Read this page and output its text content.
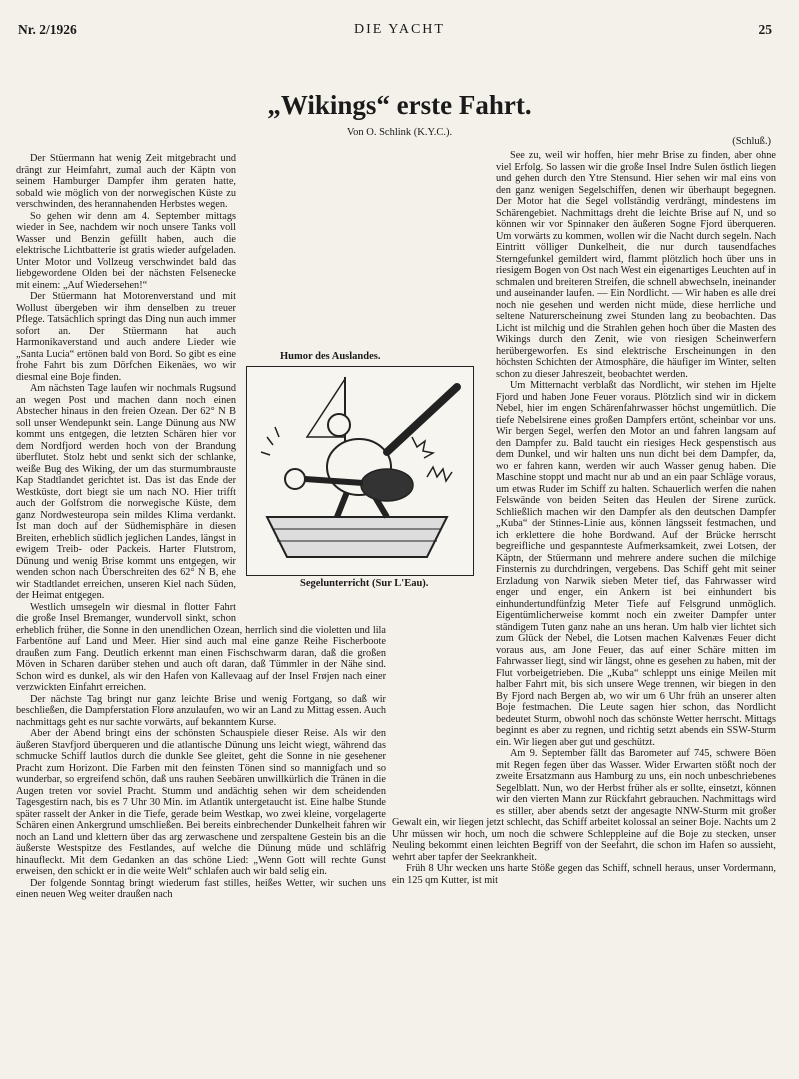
Nr. 2/1926	DIE YACHT	25
„Wikings“ erste Fahrt.
Von O. Schlink (K.Y.C.).
(Schluß.)

Der Stüermann hat wenig Zeit mitgebracht und drängt zur Heimfahrt, zumal auch der Käptn von seinem Hamburger Dampfer ihm geraten hatte, sobald wie möglich von der norwegischen Küste zu verschwinden, des herannahenden Herbstes wegen.

So gehen wir denn am 4. September mittags wieder in See, nachdem wir noch unsere Tanks voll Wasser und Benzin gefüllt haben, auch die elektrische Lichtbatterie ist gratis wieder aufgeladen. Unter Motor und Vollzeug verschwindet bald das liebgewordene Olden bei der nächsten Felsenecke mit einem: „Auf Wiedersehen!“

Der Stüermann hat Motorenverstand und mit Wollust übergeben wir ihm denselben zu treuer Pflege. Tatsächlich springt das Ding nun auch immer sofort an. Der Stüermann hat auch Harmonikaverstand und auch andere Lieder wie „Santa Lucia“ ertönen bald von Bord. So gibt es eine frohe Fahrt bis zum Dörfchen Eikenäes, wo wir diesmal eine Boje finden.

Am nächsten Tage laufen wir nochmals Rugsund an wegen Post und machen dann noch einen Abstecher hinaus in den freien Ozean. Der 62° N B soll unser Wendepunkt sein. Lange Dünung aus NW kommt uns entgegen, die letzten Schären hier vor dem Nordfjord werden hoch von der Brandung überflutet. Stolz hebt und senkt sich der schlanke, weiße Bug des Wiking, der um das sturmumbrauste Kap Stadtlandet gerichtet ist. Das ist das Ende der Westküste, dort biegt sie um nach NO. Hier trifft auch der Golfstrom die norwegische Küste, dem ganz Nordwesteuropa sein mildes Klima verdankt. Ist man doch auf der Südhemisphäre in diesen Breiten, erheblich südlich jeglichen Landes, längst in ewigem Treib- oder Packeis. Harter Flutstrom, Dünung und wenig Brise kommt uns entgegen, wir wenden schon nach Überschreiten des 62° N B, ehe wir Stadtlandet erreichen, unseren Kiel nach Süden, der Heimat entgegen.

Westlich umsegeln wir diesmal in flotter Fahrt die große Insel Bremanger, wundervoll sinkt, schon erheblich früher, die Sonne in den unendlichen Ozean, herrlich sind die violetten und lila Farbentöne auf Land und Meer. Hier sind auch mal eine ganze Reihe Fischerboote draußen zum Fang. Deutlich erkennt man einen Fischschwarm daran, daß die großen Möven in Scharen darüber stehen und auch oft daran, daß Tümmler in der Nähe sind. Schon wird es dunkel, als wir den Hafen von Kallevaag auf der Insel Frøjen nach einer verzwickten Einfahrt erreichen.

Der nächste Tag bringt nur ganz leichte Brise und wenig Fortgang, so daß wir beschließen, die Dampferstation Florø anzulaufen, wo wir an Land zu Mittag essen. Auch nachmittags geht es nur sachte vorwärts, auf bekanntem Kurse.

Aber der Abend bringt eins der schönsten Schauspiele dieser Reise. Als wir den äußeren Stavfjord überqueren und die atlantische Dünung uns leicht wiegt, während das schmucke Schiff lautlos durch die dunkle See gleitet, geht die Sonne in nie gesehener Pracht zum Horizont. Die Farben mit den feinsten Tönen sind so mannigfach und so wunderbar, so ergreifend schön, daß uns rauhen Seebären unwillkürlich die Tränen in die Augen treten vor soviel Pracht. Stumm und andächtig sehen wir dem scheidenden Tagesgestirn nach, bis es 7 Uhr 30 Min. im Atlantik untergetaucht ist. Eine halbe Stunde später rasselt der Anker in die Tiefe, gerade beim Westkap, wo zwei kleine, vorgelagerte Schären einen Ankergrund umschließen. Bei bereits einbrechender Dunkelheit fahren wir noch an Land und klettern über das arg zerwaschene und zerspaltene Gestein bis an die äußerste Westspitze des Festlandes, auf welche die Dünung müde und schläfrig hinaufleckt. Mit dem Gedanken an das schöne Lied: „Wenn Gott will rechte Gunst erweisen, den schickt er in die weite Welt“ schlafen auch wir bald selig ein.

Der folgende Sonntag bringt wiederum fast stilles, heißes Wetter, wir suchen uns einen neuen Weg weiter draußen nach

See zu, weil wir hoffen, hier mehr Brise zu finden, aber ohne viel Erfolg. So lassen wir die große Insel Indre Sulen östlich liegen und gehen durch den Ytre Stensund. Hier sehen wir mal eins von den ganz wenigen Segelschiffen, denen wir überhaupt begegnen. Der Motor hat die Segel vollständig verdrängt, mindestens im Schärengebiet. Nachmittags dreht die leichte Brise auf N, und so können wir vor Spinnaker den äußeren Sogne Fjord überqueren. Um vorwärts zu kommen, wollen wir die Nacht durch segeln. Nach Eintritt völliger Dunkelheit, die nur durch tausendfaches Sterngefunkel gemildert wird, flammt plötzlich hoch über uns in riesigem Bogen von Ost nach West ein eigenartiges Leuchten auf in schmalen und breiteren Streifen, die schnell abwechseln, ineinander und auseinander laufen. — Ein Nordlicht. — Wir haben es alle drei noch nie gesehen und werden nicht müde, diese herrliche und seltene Naturerscheinung zwei Stunden lang zu beobachten. Das Licht ist milchig und die Strahlen gehen hoch über die Masten des Wikings durch den Zenit, wie von riesigen Scheinwerfern herübergeworfen. Es sind elektrische Erscheinungen in den höchsten Schichten der Atmosphäre, die häufiger im Winter, selten schon zu dieser Jahreszeit, beobachtet werden.

Um Mitternacht verblaßt das Nordlicht, wir stehen im Hjelte Fjord und haben Jone Feuer voraus. Plötzlich sind wir in dickem Nebel, hier im engen Schärenfahrwasser höchst ungemütlich. Die tiefe Nebelsirene eines großen Dampfers ertönt, scheinbar vor uns. Wir bergen Segel, werfen den Motor an und fahren langsam auf den Dampfer zu. Bald taucht ein riesiges Heck gespenstisch aus dem Dunkel, und wir halten uns nun dicht bei dem Dampfer, da, wo er fahren kann, werden wir auch Wasser genug haben. Die Maschine stoppt und macht nur ab und an ein paar Schläge voraus, um etwas Ruder im Schiff zu halten. Schauerlich werfen die nahen Felswände von beiden Seiten das Heulen der Sirene zurück. Schließlich machen wir den Dampfer als den deutschen Dampfer „Kuba“ der Stinnes-Linie aus, können längsseit festmachen, und ich erklettere die hohe Bordwand. Auf der Brücke herrscht begreifliche und gespannteste Aufmerksamkeit, zwei Lotsen, der Käptn, der Stüermann und mehrere andere suchen die milchige Finsternis zu durchdringen, vergebens. Das Schiff geht mit seiner Erzladung von Narwik sieben Meter tief, das Fahrwasser wird enger und enger, ein Ankern ist bei einhundert bis einhundertundfünfzig Meter Tiefe auf Felsgrund unmöglich. Eigentümlicherweise kommt noch ein zweiter Dampfer unter ständigem Tuten ganz nahe an uns heran. Um halb vier lichtet sich zum Glück der Nebel, die Lotsen machen Kalvenæs Feuer dicht voraus aus, am Jone Feuer, das auf einer Schäre mitten im Fahrwasser liegt, sind wir längst, ohne es gesehen zu haben, mit der Flut vorbeigetrieben. Die „Kuba“ schleppt uns einige Meilen mit halber Fahrt mit, bis sich unsere Wege trennen, wir biegen in den By Fjord nach Bergen ab, wo wir um 6 Uhr früh an unserer alten Boje festmachen. Die Leute sagen hier schon, das Nordlicht bedeutet Sturm, obwohl noch das schönste Wetter herrscht. Mittags beginnt es aber zu regnen, und richtig setzt abends ein SSW-Sturm ein. Wir liegen aber gut und geschützt.

Am 9. September fällt das Barometer auf 745, schwere Böen mit Regen fegen über das Wasser. Wider Erwarten stößt noch der zweite Ersatzmann aus Hamburg zu uns, ein noch unbeschriebenes Segelblatt. Nun, wo der Herbst früher als er sollte, einsetzt, können wir den vierten Mann zur Rückfahrt gebrauchen. Nachmittags wird es stiller, aber abends setzt der angesagte NNW-Sturm mit großer Gewalt ein, wir liegen jetzt schlecht, das Schiff arbeitet kolossal an seiner Boje. Nachts um 2 Uhr müssen wir hoch, um noch die schwere Schleppleine auf die Boje zu stecken, unser Neuling bekommt einen leichten Begriff von der Seefahrt, die schon im Hafen so aussieht, wehrt aber tapfer der Seekrankheit.

Früh 8 Uhr wecken uns harte Stöße gegen das Schiff, schnell heraus, unser Vordermann, ein 125 qm Kutter, ist mit

Humor des Auslandes.
Segelunterricht (Sur L'Eau).
